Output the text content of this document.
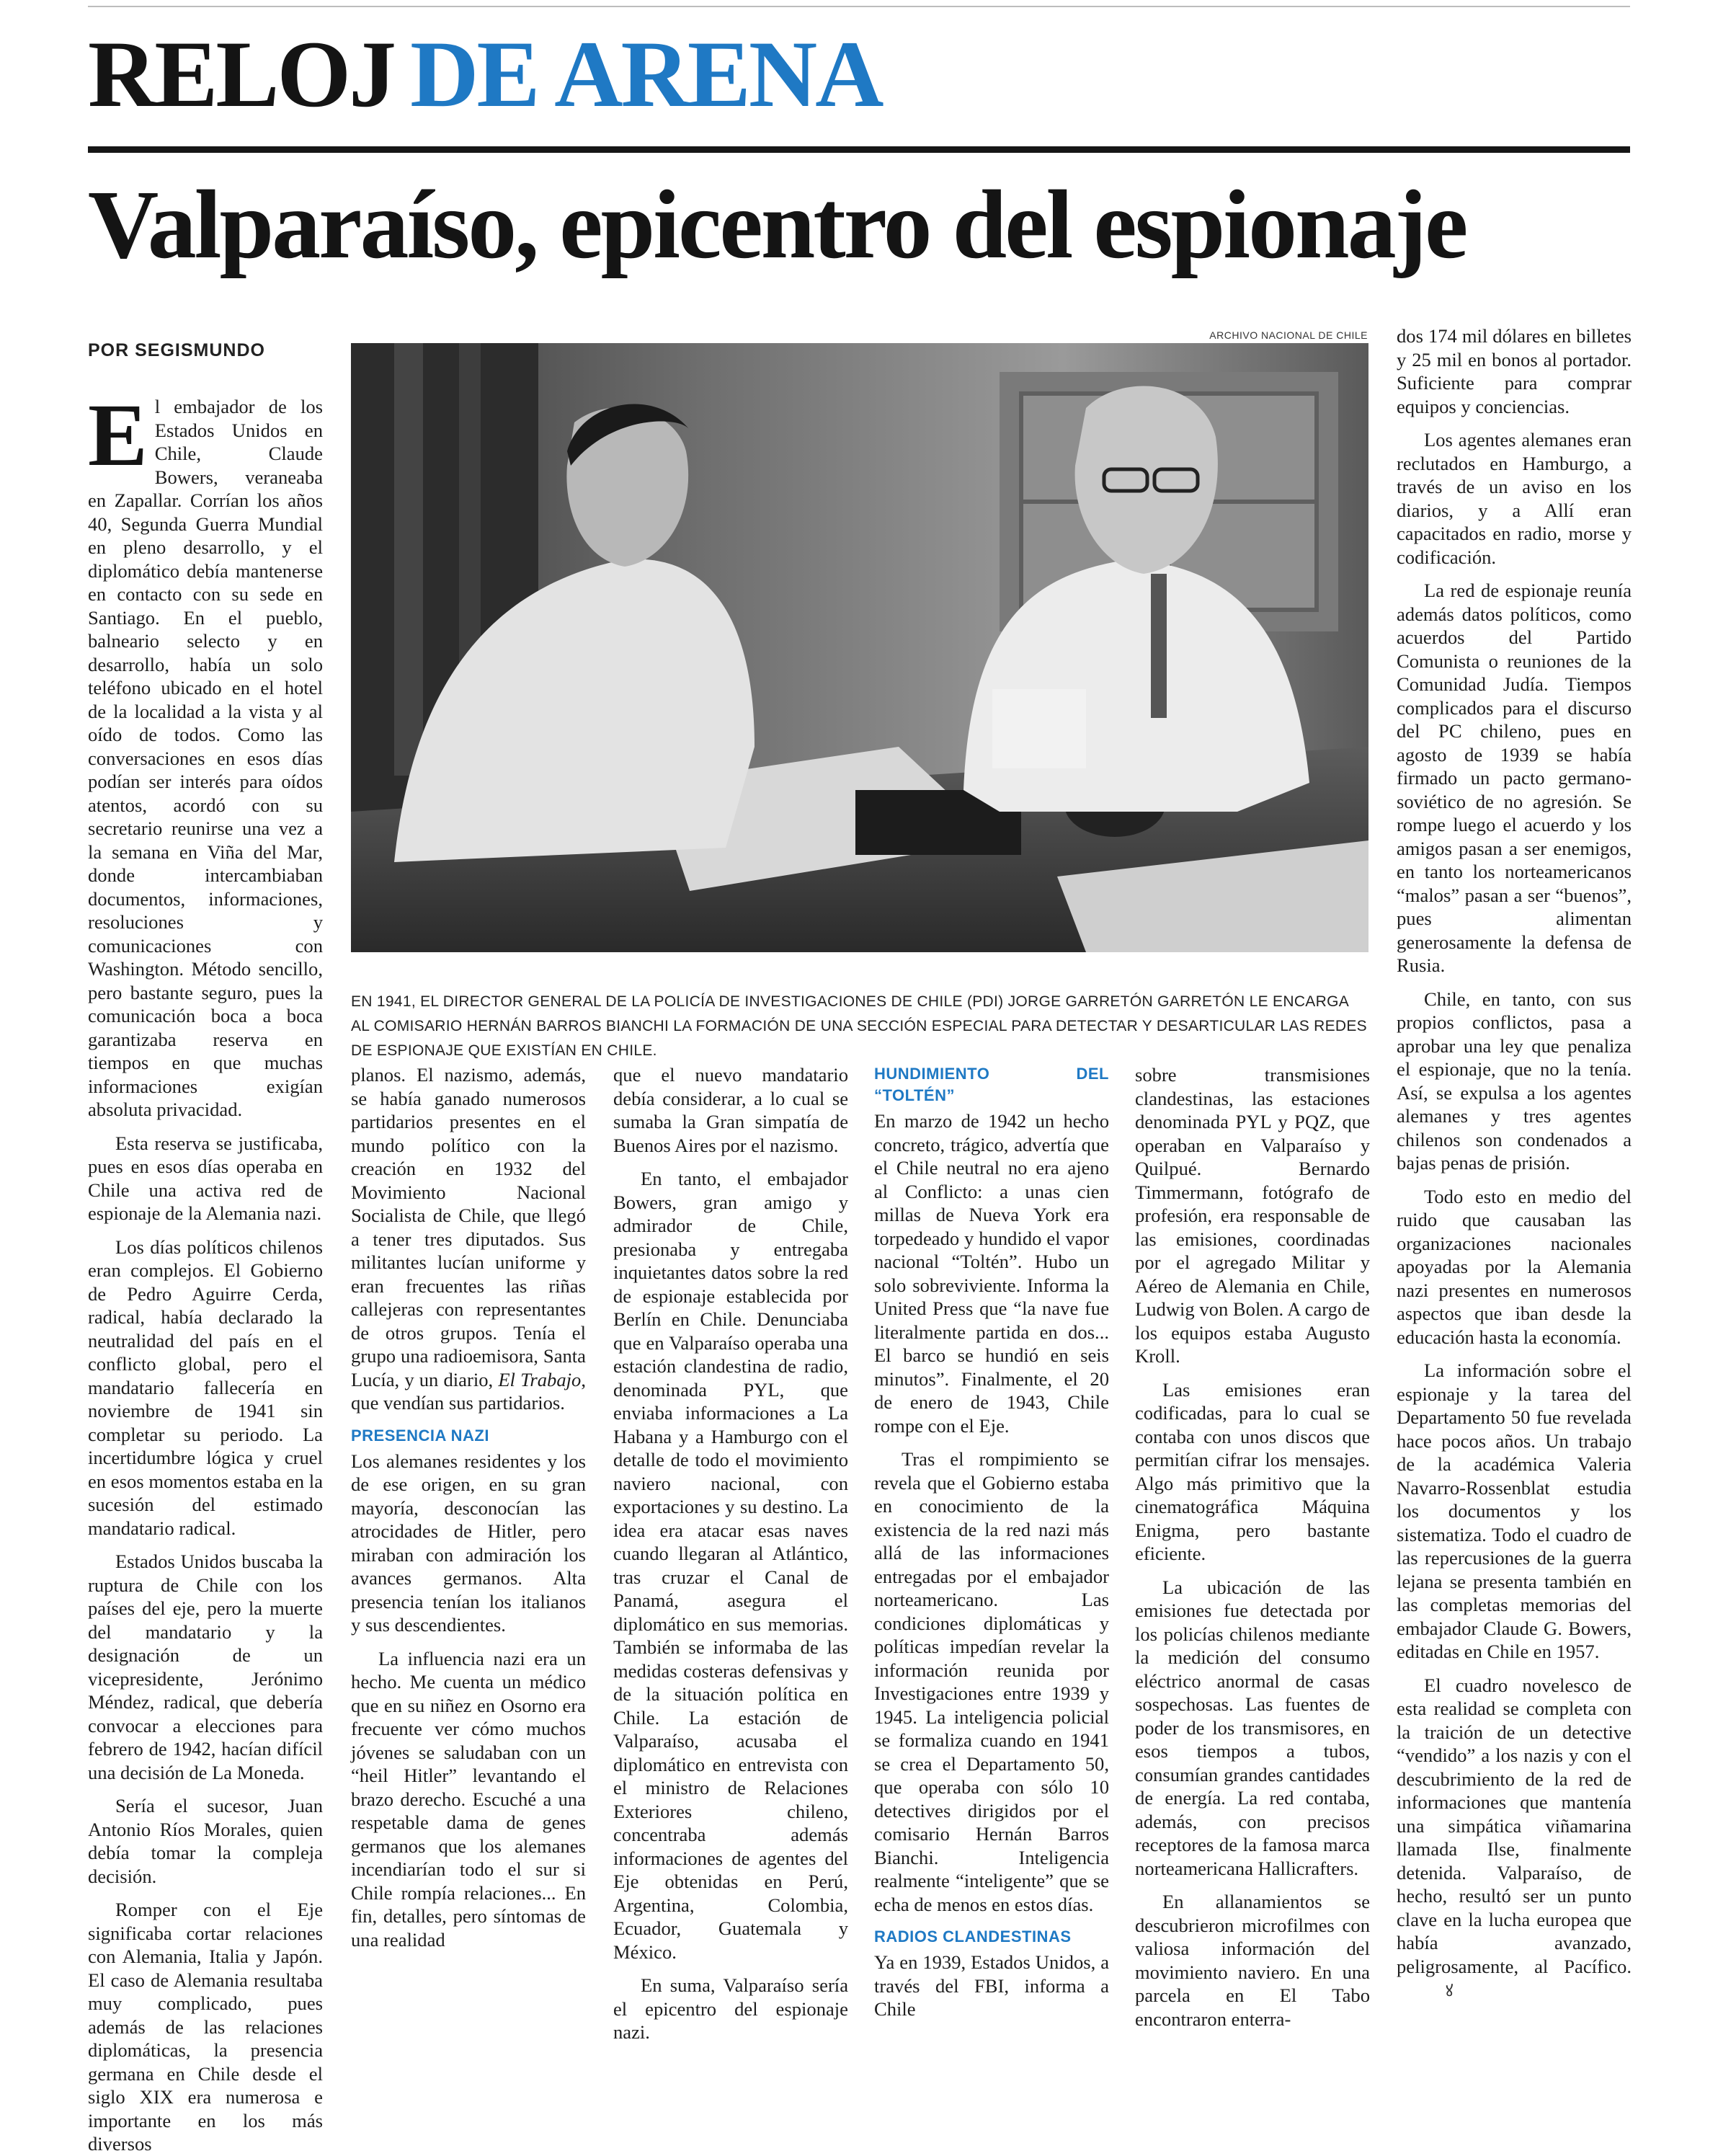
RELOJ DE ARENA
Valparaíso, epicentro del espionaje
POR SEGISMUNDO
ARCHIVO NACIONAL DE CHILE
EN 1941, EL DIRECTOR GENERAL DE LA POLICÍA DE INVESTIGACIONES DE CHILE (PDI) JORGE GARRETÓN GARRETÓN LE ENCARGA AL COMISARIO HERNÁN BARROS BIANCHI LA FORMACIÓN DE UNA SECCIÓN ESPECIAL PARA DETECTAR Y DESARTICULAR LAS REDES DE ESPIONAJE QUE EXISTÍAN EN CHILE.

El embajador de los Estados Unidos en Chile, Claude Bowers, veraneaba en Zapallar. Corrían los años 40, Segunda Guerra Mundial en pleno desarrollo, y el diplomático debía mantenerse en contacto con su sede en Santiago. En el pueblo, balneario selecto y en desarrollo, había un solo teléfono ubicado en el hotel de la localidad a la vista y al oído de todos. Como las conversaciones en esos días podían ser interés para oídos atentos, acordó con su secretario reunirse una vez a la semana en Viña del Mar, donde intercambiaban documentos, informaciones, resoluciones y comunicaciones con Washington. Método sencillo, pero bastante seguro, pues la comunicación boca a boca garantizaba reserva en tiempos en que muchas informaciones exigían absoluta privacidad.

Esta reserva se justificaba, pues en esos días operaba en Chile una activa red de espionaje de la Alemania nazi.

Los días políticos chilenos eran complejos. El Gobierno de Pedro Aguirre Cerda, radical, había declarado la neutralidad del país en el conflicto global, pero el mandatario fallecería en noviembre de 1941 sin completar su periodo. La incertidumbre lógica y cruel en esos momentos estaba en la sucesión del estimado mandatario radical.

Estados Unidos buscaba la ruptura de Chile con los países del eje, pero la muerte del mandatario y la designación de un vicepresidente, Jerónimo Méndez, radical, que debería convocar a elecciones para febrero de 1942, hacían difícil una decisión de La Moneda.

Sería el sucesor, Juan Antonio Ríos Morales, quien debía tomar la compleja decisión.

Romper con el Eje significaba cortar relaciones con Alemania, Italia y Japón. El caso de Alemania resultaba muy complicado, pues además de las relaciones diplomáticas, la presencia germana en Chile desde el siglo XIX era numerosa e importante en los más diversos

planos. El nazismo, además, se había ganado numerosos partidarios presentes en el mundo político con la creación en 1932 del Movimiento Nacional Socialista de Chile, que llegó a tener tres diputados. Sus militantes lucían uniforme y eran frecuentes las riñas callejeras con representantes de otros grupos. Tenía el grupo una radioemisora, Santa Lucía, y un diario, El Trabajo, que vendían sus partidarios.

PRESENCIA NAZI

Los alemanes residentes y los de ese origen, en su gran mayoría, desconocían las atrocidades de Hitler, pero miraban con admiración los avances germanos. Alta presencia tenían los italianos y sus descendientes.

La influencia nazi era un hecho. Me cuenta un médico que en su niñez en Osorno era frecuente ver cómo muchos jóvenes se saludaban con un “heil Hitler” levantando el brazo derecho. Escuché a una respetable dama de genes germanos que los alemanes incendiarían todo el sur si Chile rompía relaciones... En fin, detalles, pero síntomas de una realidad

que el nuevo mandatario debía considerar, a lo cual se sumaba la Gran simpatía de Buenos Aires por el nazismo.

En tanto, el embajador Bowers, gran amigo y admirador de Chile, presionaba y entregaba inquietantes datos sobre la red de espionaje establecida por Berlín en Chile. Denunciaba que en Valparaíso operaba una estación clandestina de radio, denominada PYL, que enviaba informaciones a La Habana y a Hamburgo con el detalle de todo el movimiento naviero nacional, con exportaciones y su destino. La idea era atacar esas naves cuando llegaran al Atlántico, tras cruzar el Canal de Panamá, asegura el diplomático en sus memorias. También se informaba de las medidas costeras defensivas y de la situación política en Chile. La estación de Valparaíso, acusaba el diplomático en entrevista con el ministro de Relaciones Exteriores chileno, concentraba además informaciones de agentes del Eje obtenidas en Perú, Argentina, Colombia, Ecuador, Guatemala y México.

En suma, Valparaíso sería el epicentro del espionaje nazi.

HUNDIMIENTO DEL “TOLTÉN”

En marzo de 1942 un hecho concreto, trágico, advertía que el Chile neutral no era ajeno al Conflicto: a unas cien millas de Nueva York era torpedeado y hundido el vapor nacional “Toltén”. Hubo un solo sobreviviente. Informa la United Press que “la nave fue literalmente partida en dos... El barco se hundió en seis minutos”. Finalmente, el 20 de enero de 1943, Chile rompe con el Eje.

Tras el rompimiento se revela que el Gobierno estaba en conocimiento de la existencia de la red nazi más allá de las informaciones entregadas por el embajador norteamericano. Las condiciones diplomáticas y políticas impedían revelar la información reunida por Investigaciones entre 1939 y 1945. La inteligencia policial se formaliza cuando en 1941 se crea el Departamento 50, que operaba con sólo 10 detectives dirigidos por el comisario Hernán Barros Bianchi. Inteligencia realmente “inteligente” que se echa de menos en estos días.

RADIOS CLANDESTINAS

Ya en 1939, Estados Unidos, a través del FBI, informa a Chile

sobre transmisiones clandestinas, las estaciones denominada PYL y PQZ, que operaban en Valparaíso y Quilpué. Bernardo Timmermann, fotógrafo de profesión, era responsable de las emisiones, coordinadas por el agregado Militar y Aéreo de Alemania en Chile, Ludwig von Bolen. A cargo de los equipos estaba Augusto Kroll.

Las emisiones eran codificadas, para lo cual se contaba con unos discos que permitían cifrar los mensajes. Algo más primitivo que la cinematográfica Máquina Enigma, pero bastante eficiente.

La ubicación de las emisiones fue detectada por los policías chilenos mediante la medición del consumo eléctrico anormal de casas sospechosas. Las fuentes de poder de los transmisores, en esos tiempos a tubos, consumían grandes cantidades de energía. La red contaba, además, con precisos receptores de la famosa marca norteamericana Hallicrafters.

En allanamientos se descubrieron microfilmes con valiosa información del movimiento naviero. En una parcela en El Tabo encontraron enterra-

dos 174 mil dólares en billetes y 25 mil en bonos al portador. Suficiente para comprar equipos y conciencias.

Los agentes alemanes eran reclutados en Hamburgo, a través de un aviso en los diarios, y a Allí eran capacitados en radio, morse y codificación.

La red de espionaje reunía además datos políticos, como acuerdos del Partido Comunista o reuniones de la Comunidad Judía. Tiempos complicados para el discurso del PC chileno, pues en agosto de 1939 se había firmado un pacto germano-soviético de no agresión. Se rompe luego el acuerdo y los amigos pasan a ser enemigos, en tanto los norteamericanos “malos” pasan a ser “buenos”, pues alimentan generosamente la defensa de Rusia.

Chile, en tanto, con sus propios conflictos, pasa a aprobar una ley que penaliza el espionaje, que no la tenía. Así, se expulsa a los agentes alemanes y tres agentes chilenos son condenados a bajas penas de prisión.

Todo esto en medio del ruido que causaban las organizaciones nacionales apoyadas por la Alemania nazi presentes en numerosos aspectos que iban desde la educación hasta la economía.

La información sobre el espionaje y la tarea del Departamento 50 fue revelada hace pocos años. Un trabajo de la académica Valeria Navarro-Rossenblat estudia los documentos y los sistematiza. Todo el cuadro de las repercusiones de la guerra lejana se presenta también en las completas memorias del embajador Claude G. Bowers, editadas en Chile en 1957.

El cuadro novelesco de esta realidad se completa con la traición de un detective “vendido” a los nazis y con el descubrimiento de la red de informaciones que mantenía una simpática viñamarina llamada Ilse, finalmente detenida. Valparaíso, de hecho, resultó ser un punto clave en la lucha europea que había avanzado, peligrosamente, al Pacífico.ꙋ
